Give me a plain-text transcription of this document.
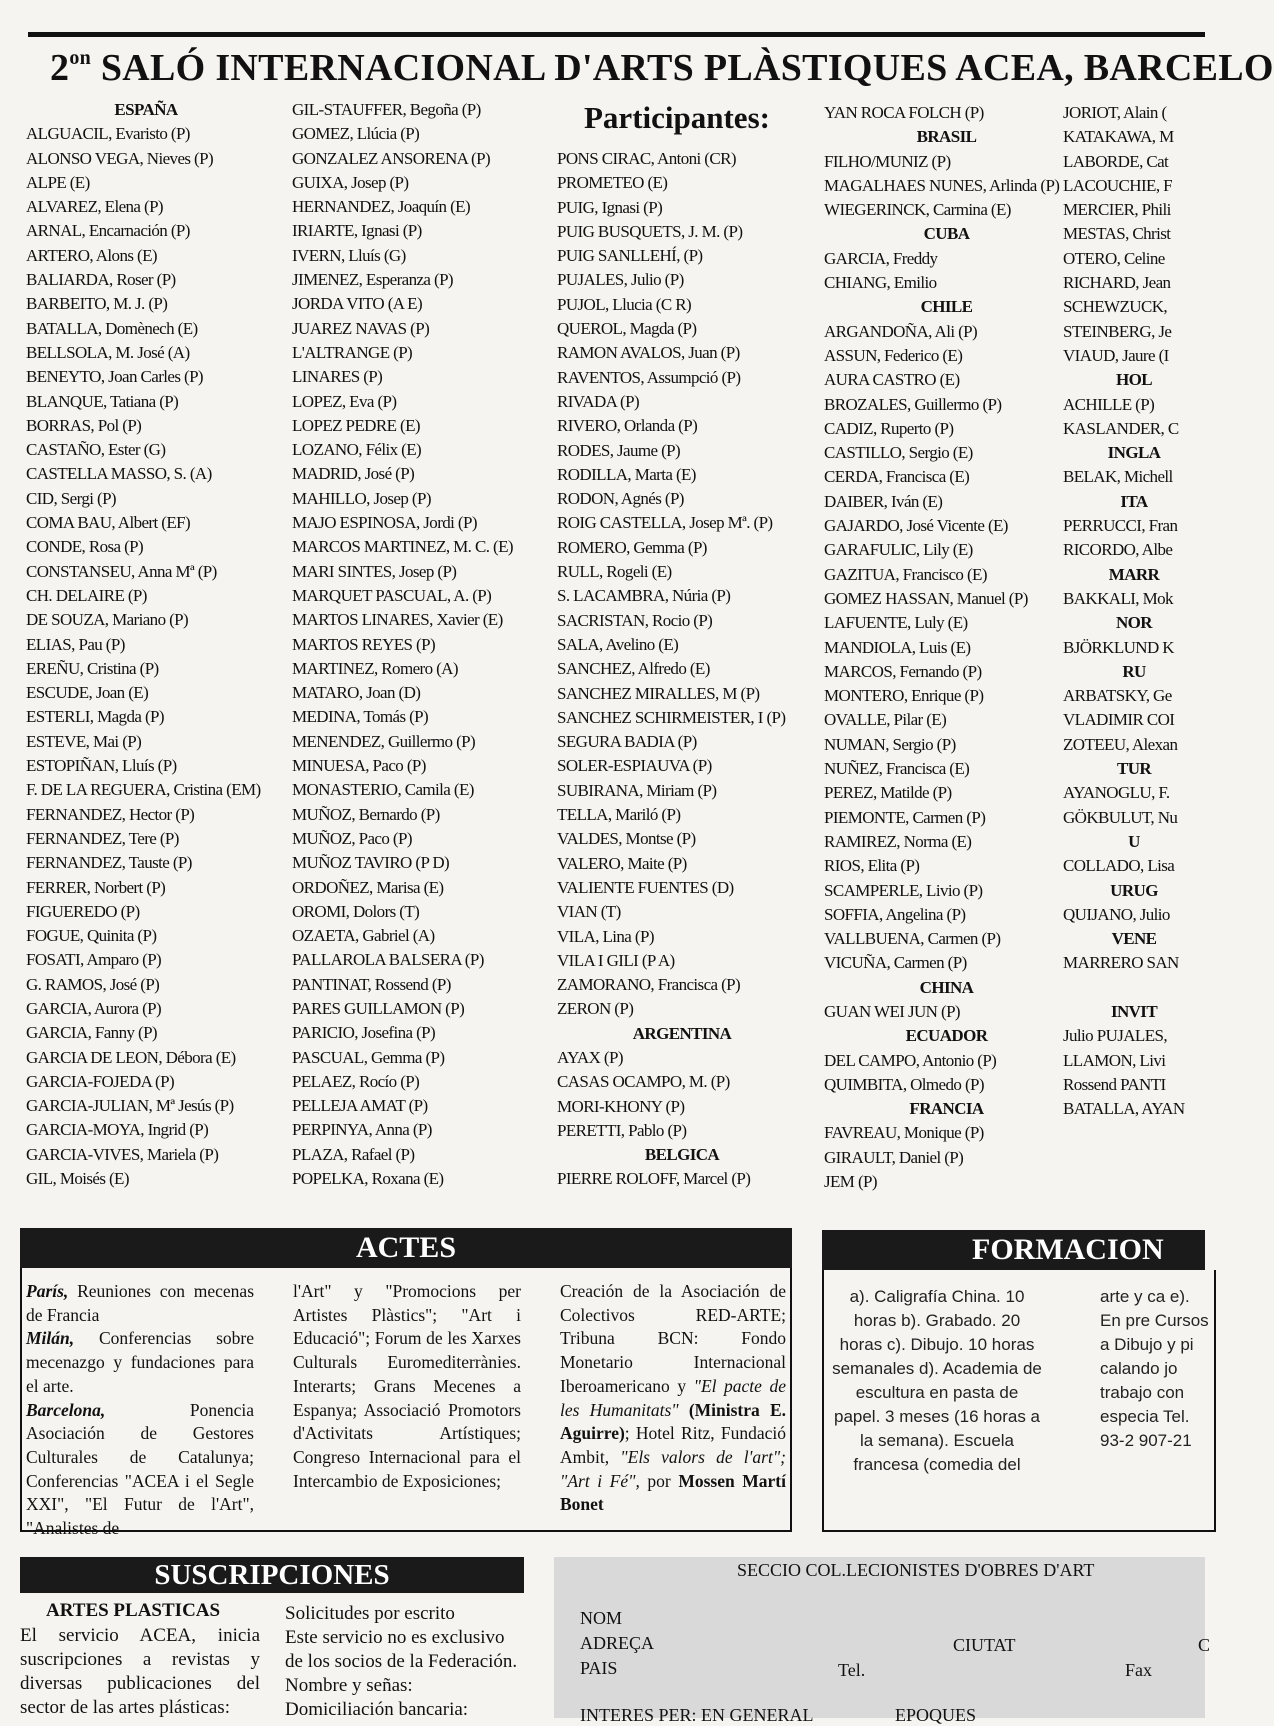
$2^{on}$ SALÓ INTERNACIONAL D'ARTS PLÀSTIQUES ACEA, BARCELO
Participantes:
ESPAÑA
ALGUACIL, Evaristo (P)
ALONSO VEGA, Nieves (P)
ALPE (E)
ALVAREZ, Elena (P)
ARNAL, Encarnación (P)
ARTERO, Alons (E)
BALIARDA, Roser (P)
BARBEITO, M. J. (P)
BATALLA, Domènech (E)
BELLSOLA, M. José (A)
BENEYTO, Joan Carles (P)
BLANQUE, Tatiana (P)
BORRAS, Pol (P)
CASTAÑO, Ester (G)
CASTELLA MASSO, S. (A)
CID, Sergi (P)
COMA BAU, Albert (EF)
CONDE, Rosa (P)
CONSTANSEU, Anna Mª (P)
CH. DELAIRE (P)
DE SOUZA, Mariano (P)
ELIAS, Pau (P)
EREÑU, Cristina (P)
ESCUDE, Joan (E)
ESTERLI, Magda (P)
ESTEVE, Mai (P)
ESTOPIÑAN, Lluís (P)
F. DE LA REGUERA, Cristina (EM)
FERNANDEZ, Hector (P)
FERNANDEZ, Tere (P)
FERNANDEZ, Tauste (P)
FERRER, Norbert (P)
FIGUEREDO (P)
FOGUE, Quinita (P)
FOSATI, Amparo (P)
G. RAMOS, José (P)
GARCIA, Aurora (P)
GARCIA, Fanny (P)
GARCIA DE LEON, Débora (E)
GARCIA-FOJEDA (P)
GARCIA-JULIAN, Mª Jesús (P)
GARCIA-MOYA, Ingrid (P)
GARCIA-VIVES, Mariela (P)
GIL, Moisés (E)
GIL-STAUFFER, Begoña (P)
GOMEZ, Llúcia (P)
GONZALEZ ANSORENA (P)
GUIXA, Josep (P)
HERNANDEZ, Joaquín (E)
IRIARTE, Ignasi (P)
IVERN, Lluís (G)
JIMENEZ, Esperanza (P)
JORDA VITO (A E)
JUAREZ NAVAS (P)
L'ALTRANGE (P)
LINARES (P)
LOPEZ, Eva (P)
LOPEZ PEDRE (E)
LOZANO, Félix (E)
MADRID, José (P)
MAHILLO, Josep (P)
MAJO ESPINOSA, Jordi (P)
MARCOS MARTINEZ, M. C. (E)
MARI SINTES, Josep (P)
MARQUET PASCUAL, A. (P)
MARTOS LINARES, Xavier (E)
MARTOS REYES (P)
MARTINEZ, Romero (A)
MATARO, Joan (D)
MEDINA, Tomás (P)
MENENDEZ, Guillermo (P)
MINUESA, Paco (P)
MONASTERIO, Camila (E)
MUÑOZ, Bernardo (P)
MUÑOZ, Paco (P)
MUÑOZ TAVIRO (P D)
ORDOÑEZ, Marisa (E)
OROMI, Dolors (T)
OZAETA, Gabriel (A)
PALLAROLA BALSERA (P)
PANTINAT, Rossend (P)
PARES GUILLAMON (P)
PARICIO, Josefina (P)
PASCUAL, Gemma (P)
PELAEZ, Rocío (P)
PELLEJA AMAT (P)
PERPINYA, Anna (P)
PLAZA, Rafael (P)
POPELKA, Roxana (E)
PONS CIRAC, Antoni (CR)
PROMETEO (E)
PUIG, Ignasi (P)
PUIG BUSQUETS, J. M. (P)
PUIG SANLLEHÍ, (P)
PUJALES, Julio (P)
PUJOL, Llucia (C R)
QUEROL, Magda (P)
RAMON AVALOS, Juan (P)
RAVENTOS, Assumpció (P)
RIVADA (P)
RIVERO, Orlanda (P)
RODES, Jaume (P)
RODILLA, Marta (E)
RODON, Agnés (P)
ROIG CASTELLA, Josep Mª. (P)
ROMERO, Gemma (P)
RULL, Rogeli (E)
S. LACAMBRA, Núria (P)
SACRISTAN, Rocio (P)
SALA, Avelino (E)
SANCHEZ, Alfredo (E)
SANCHEZ MIRALLES, M (P)
SANCHEZ SCHIRMEISTER, I (P)
SEGURA BADIA (P)
SOLER-ESPIAUVA (P)
SUBIRANA, Miriam (P)
TELLA, Mariló (P)
VALDES, Montse (P)
VALERO, Maite (P)
VALIENTE FUENTES (D)
VIAN (T)
VILA, Lina (P)
VILA I GILI (P A)
ZAMORANO, Francisca (P)
ZERON (P)
ARGENTINA
AYAX (P)
CASAS OCAMPO, M. (P)
MORI-KHONY (P)
PERETTI, Pablo (P)
BELGICA
PIERRE ROLOFF, Marcel (P)
YAN ROCA FOLCH (P)
BRASIL
FILHO/MUNIZ (P)
MAGALHAES NUNES, Arlinda (P)
WIEGERINCK, Carmina (E)
CUBA
GARCIA, Freddy
CHIANG, Emilio
CHILE
ARGANDOÑA, Ali (P)
ASSUN, Federico (E)
AURA CASTRO (E)
BROZALES, Guillermo (P)
CADIZ, Ruperto (P)
CASTILLO, Sergio (E)
CERDA, Francisca (E)
DAIBER, Iván (E)
GAJARDO, José Vicente (E)
GARAFULIC, Lily (E)
GAZITUA, Francisco (E)
GOMEZ HASSAN, Manuel (P)
LAFUENTE, Luly (E)
MANDIOLA, Luis (E)
MARCOS, Fernando (P)
MONTERO, Enrique (P)
OVALLE, Pilar (E)
NUMAN, Sergio (P)
NUÑEZ, Francisca (E)
PEREZ, Matilde (P)
PIEMONTE, Carmen (P)
RAMIREZ, Norma (E)
RIOS, Elita (P)
SCAMPERLE, Livio (P)
SOFFIA, Angelina (P)
VALLBUENA, Carmen (P)
VICUÑA, Carmen (P)
CHINA
GUAN WEI JUN (P)
ECUADOR
DEL CAMPO, Antonio (P)
QUIMBITA, Olmedo (P)
FRANCIA
FAVREAU, Monique (P)
GIRAULT, Daniel (P)
JEM (P)
JORIOT, Alain (
KATAKAWA, M
LABORDE, Cat
LACOUCHIE, F
MERCIER, Phili
MESTAS, Christ
OTERO, Celine
RICHARD, Jean
SCHEWZUCK,
STEINBERG, Je
VIAUD, Jaure (I
HOL
ACHILLE (P)
KASLANDER, C
INGLA
BELAK, Michell
ITA
PERRUCCI, Fran
RICORDO, Albe
MARR
BAKKALI, Mok
NOR
BJÖRKLUND K
RU
ARBATSKY, Ge
VLADIMIR COI
ZOTEEU, Alexan
TUR
AYANOGLU, F.
GÖKBULUT, Nu
U
COLLADO, Lisa
URUG
QUIJANO, Julio
VENE
MARRERO SAN
INVIT
Julio PUJALES,
LLAMON, Livi
Rossend PANTI
BATALLA, AYAN
ACTES

París, Reuniones con mecenas de Francia

Milán, Conferencias sobre mecenazgo y fundaciones para el arte.

Barcelona, Ponencia Asociación de Gestores Culturales de Catalunya; Conferencias "ACEA i el Segle XXI", "El Futur de l'Art", "Analistes de

l'Art" y "Promocions per Artistes Plàstics"; "Art i Educació"; Forum de les Xarxes Culturals Euromediterrànies. Interarts; Grans Mecenes a Espanya; Associació Promotors d'Activitats Artístiques; Congreso Internacional para el Intercambio de Exposiciones;

Creación de la Asociación de Colectivos RED-ARTE; Tribuna BCN: Fondo Monetario Internacional Iberoamericano y "El pacte de les Humanitats" (Ministra E. Aguirre); Hotel Ritz, Fundació Ambit, "Els valors de l'art"; "Art i Fé", por Mossen Martí Bonet

FORMACION

a). Caligrafía China. 10 horas b). Grabado. 20 horas c). Dibujo. 10 horas semanales d). Academia de escultura en pasta de papel. 3 meses (16 horas a la semana). Escuela francesa (comedia del

arte y ca e). En pre Cursos a Dibujo y pi calando jo trabajo con especia Tel. 93-2 907-21

SUSCRIPCIONES
ARTES PLASTICAS

El servicio ACEA, inicia suscripciones a revistas y diversas publicaciones del sector de las artes plásticas:

Solicitudes por escrito
Este servicio no es exclusivo
de los socios de la Federación.
Nombre y señas:
Domiciliación bancaria:
SECCIO COL.LECIONISTES D'OBRES D'ART
NOM
ADREÇA	CIUTAT	C
PAIS	Tel.	Fax
INTERES PER: EN GENERAL	EPOQUES
